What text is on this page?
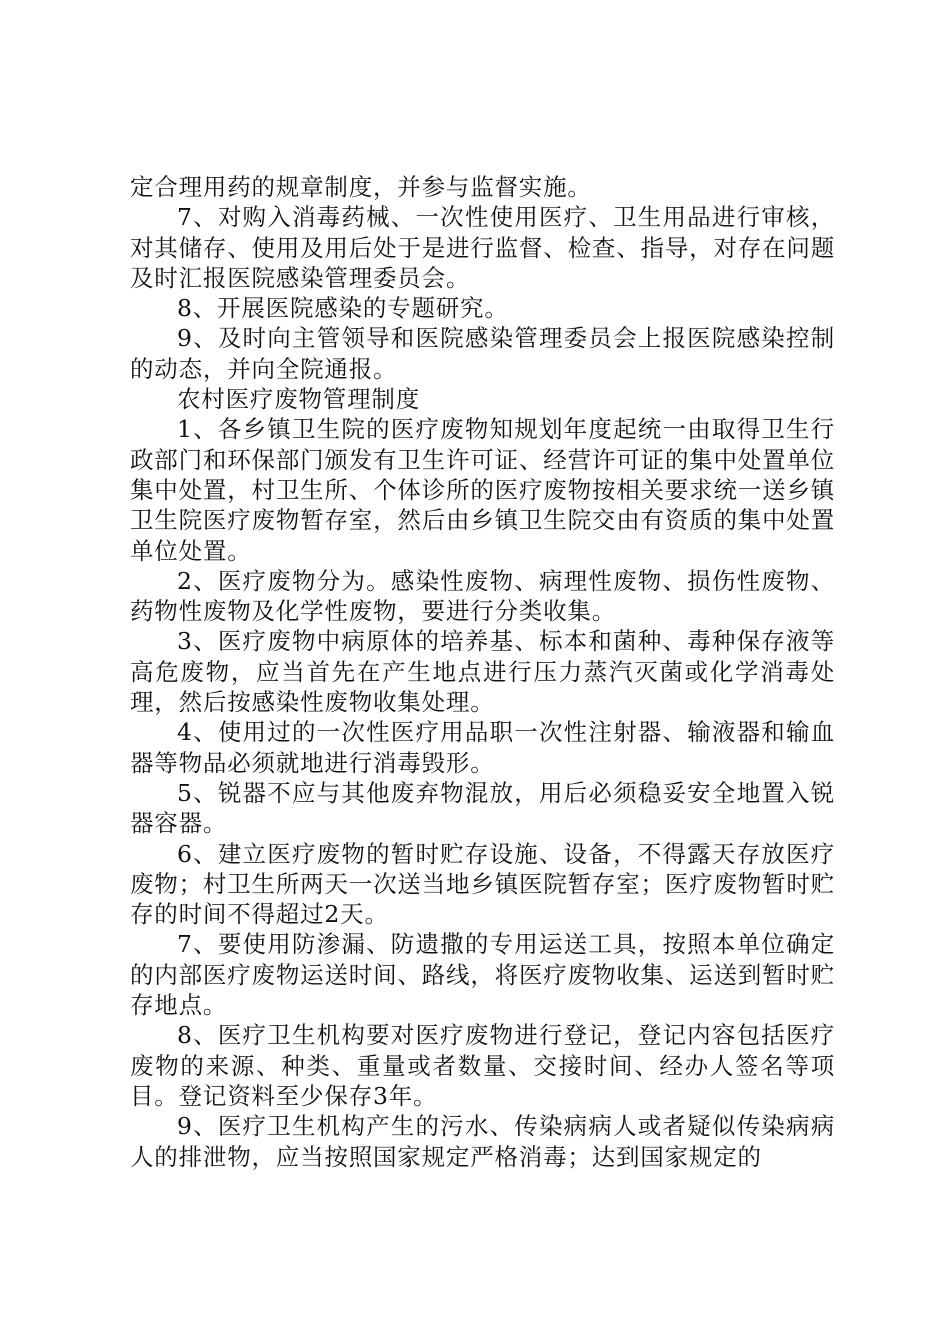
定合理用药的规章制度，并参与监督实施。

7、对购入消毒药械、一次性使用医疗、卫生用品进行审核，对其储存、使用及用后处于是进行监督、检查、指导，对存在问题及时汇报医院感染管理委员会。

8、开展医院感染的专题研究。

9、及时向主管领导和医院感染管理委员会上报医院感染控制的动态，并向全院通报。

农村医疗废物管理制度

1、各乡镇卫生院的医疗废物知规划年度起统一由取得卫生行政部门和环保部门颁发有卫生许可证、经营许可证的集中处置单位集中处置，村卫生所、个体诊所的医疗废物按相关要求统一送乡镇卫生院医疗废物暂存室，然后由乡镇卫生院交由有资质的集中处置单位处置。

2、医疗废物分为。感染性废物、病理性废物、损伤性废物、药物性废物及化学性废物，要进行分类收集。

3、医疗废物中病原体的培养基、标本和菌种、毒种保存液等高危废物，应当首先在产生地点进行压力蒸汽灭菌或化学消毒处理，然后按感染性废物收集处理。

4、使用过的一次性医疗用品职一次性注射器、输液器和输血器等物品必须就地进行消毒毁形。

5、锐器不应与其他废弃物混放，用后必须稳妥安全地置入锐器容器。

6、建立医疗废物的暂时贮存设施、设备，不得露天存放医疗废物；村卫生所两天一次送当地乡镇医院暂存室；医疗废物暂时贮存的时间不得超过2天。

7、要使用防渗漏、防遗撒的专用运送工具，按照本单位确定的内部医疗废物运送时间、路线，将医疗废物收集、运送到暂时贮存地点。

8、医疗卫生机构要对医疗废物进行登记，登记内容包括医疗废物的来源、种类、重量或者数量、交接时间、经办人签名等项目。登记资料至少保存3年。

9、医疗卫生机构产生的污水、传染病病人或者疑似传染病病人的排泄物，应当按照国家规定严格消毒；达到国家规定的
